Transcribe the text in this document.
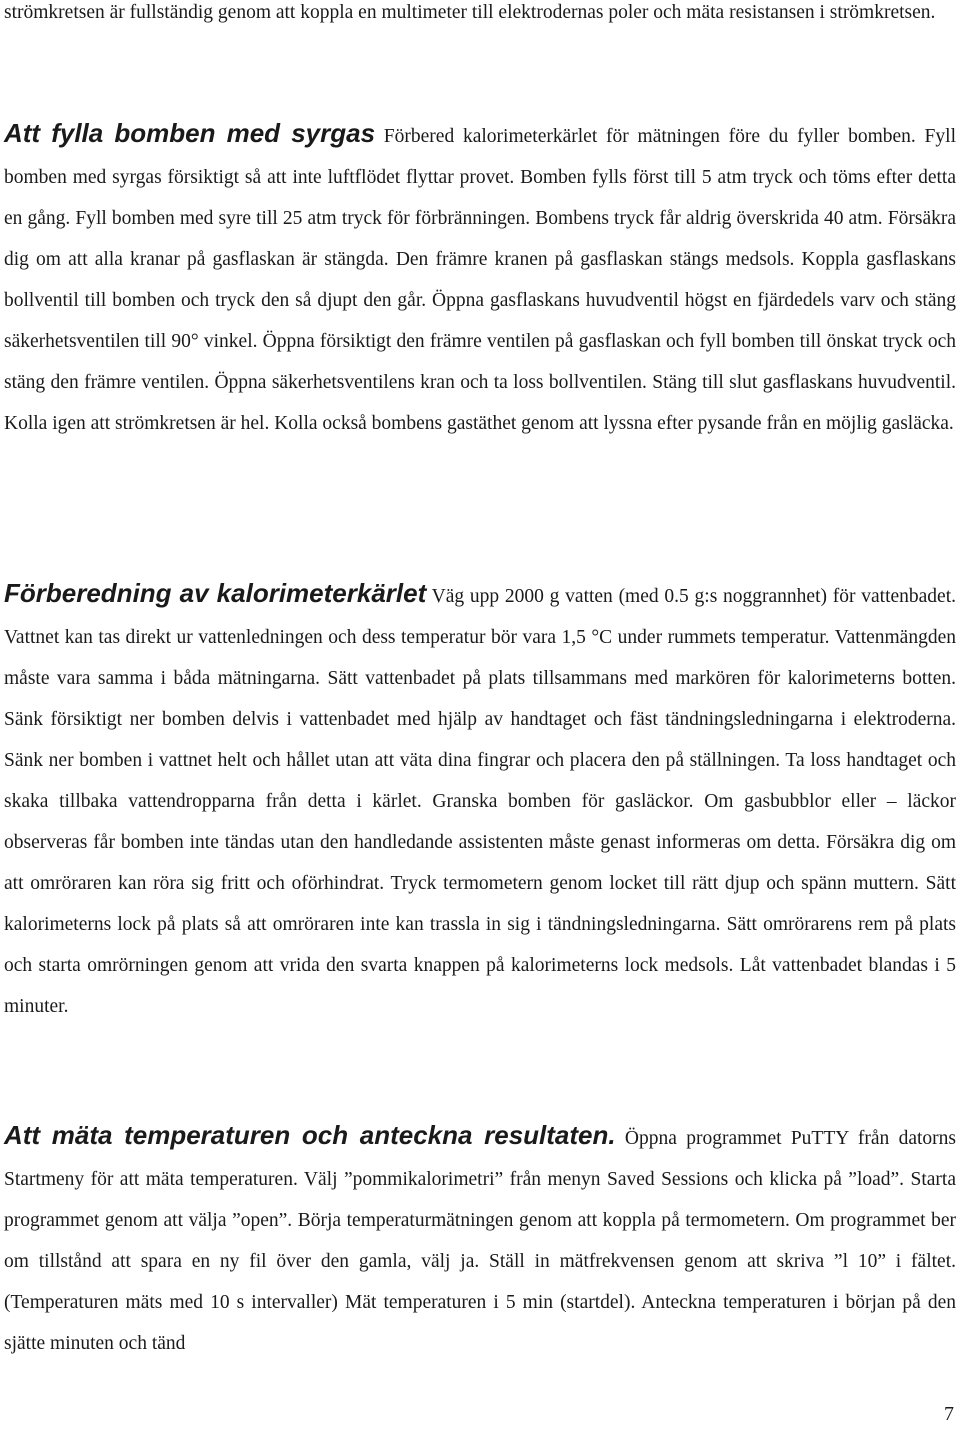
strömkretsen är fullständig genom att koppla en multimeter till elektrodernas poler och mäta resistansen i strömkretsen.

Att fylla bomben med syrgas Förbered kalorimeterkärlet för mätningen före du fyller bomben. Fyll bomben med syrgas försiktigt så att inte luftflödet flyttar provet. Bomben fylls först till 5 atm tryck och töms efter detta en gång. Fyll bomben med syre till 25 atm tryck för förbränningen. Bombens tryck får aldrig överskrida 40 atm. Försäkra dig om att alla kranar på gasflaskan är stängda. Den främre kranen på gasflaskan stängs medsols. Koppla gasflaskans bollventil till bomben och tryck den så djupt den går. Öppna gasflaskans huvudventil högst en fjärdedels varv och stäng säkerhetsventilen till 90° vinkel. Öppna försiktigt den främre ventilen på gasflaskan och fyll bomben till önskat tryck och stäng den främre ventilen. Öppna säkerhetsventilens kran och ta loss bollventilen. Stäng till slut gasflaskans huvudventil. Kolla igen att strömkretsen är hel. Kolla också bombens gastäthet genom att lyssna efter pysande från en möjlig gasläcka.

Förberedning av kalorimeterkärlet Väg upp 2000 g vatten (med 0.5 g:s noggrannhet) för vattenbadet. Vattnet kan tas direkt ur vattenledningen och dess temperatur bör vara 1,5 °C under rummets temperatur. Vattenmängden måste vara samma i båda mätningarna. Sätt vattenbadet på plats tillsammans med markören för kalorimeterns botten. Sänk försiktigt ner bomben delvis i vattenbadet med hjälp av handtaget och fäst tändningsledningarna i elektroderna. Sänk ner bomben i vattnet helt och hållet utan att väta dina fingrar och placera den på ställningen. Ta loss handtaget och skaka tillbaka vattendropparna från detta i kärlet. Granska bomben för gasläckor. Om gasbubblor eller – läckor observeras får bomben inte tändas utan den handledande assistenten måste genast informeras om detta. Försäkra dig om att omröraren kan röra sig fritt och oförhindrat. Tryck termometern genom locket till rätt djup och spänn muttern. Sätt kalorimeterns lock på plats så att omröraren inte kan trassla in sig i tändningsledningarna. Sätt omrörarens rem på plats och starta omrörningen genom att vrida den svarta knappen på kalorimeterns lock medsols. Låt vattenbadet blandas i 5 minuter.

Att mäta temperaturen och anteckna resultaten. Öppna programmet PuTTY från datorns Startmeny för att mäta temperaturen. Välj ”pommikalorimetri” från menyn Saved Sessions och klicka på ”load”. Starta programmet genom att välja ”open”. Börja temperaturmätningen genom att koppla på termometern. Om programmet ber om tillstånd att spara en ny fil över den gamla, välj ja. Ställ in mätfrekvensen genom att skriva ”l 10” i fältet. (Temperaturen mäts med 10 s intervaller) Mät temperaturen i 5 min (startdel). Anteckna temperaturen i början på den sjätte minuten och tänd

7
